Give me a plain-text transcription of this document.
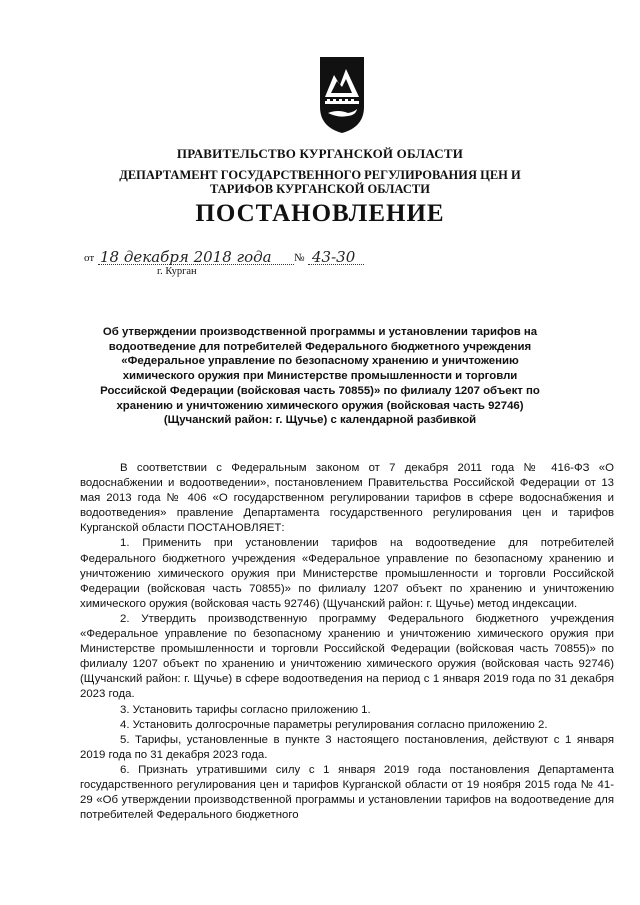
ПРАВИТЕЛЬСТВО КУРГАНСКОЙ ОБЛАСТИ
ДЕПАРТАМЕНТ ГОСУДАРСТВЕННОГО РЕГУЛИРОВАНИЯ ЦЕН И ТАРИФОВ КУРГАНСКОЙ ОБЛАСТИ
ПОСТАНОВЛЕНИЕ
от 18 декабря 2018 года № 43-30
г. Курган
Об утверждении производственной программы и установлении тарифов на водоотведение для потребителей Федерального бюджетного учреждения «Федеральное управление по безопасному хранению и уничтожению химического оружия при Министерстве промышленности и торговли Российской Федерации (войсковая часть 70855)» по филиалу 1207 объект по хранению и уничтожению химического оружия (войсковая часть 92746) (Щучанский район: г. Щучье) с календарной разбивкой

В соответствии с Федеральным законом от 7 декабря 2011 года № 416-ФЗ «О водоснабжении и водоотведении», постановлением Правительства Российской Федерации от 13 мая 2013 года № 406 «О государственном регулировании тарифов в сфере водоснабжения и водоотведения» правление Департамента государственного регулирования цен и тарифов Курганской области ПОСТАНОВЛЯЕТ:

1. Применить при установлении тарифов на водоотведение для потребителей Федерального бюджетного учреждения «Федеральное управление по безопасному хранению и уничтожению химического оружия при Министерстве промышленности и торговли Российской Федерации (войсковая часть 70855)» по филиалу 1207 объект по хранению и уничтожению химического оружия (войсковая часть 92746) (Щучанский район: г. Щучье) метод индексации.

2. Утвердить производственную программу Федерального бюджетного учреждения «Федеральное управление по безопасному хранению и уничтожению химического оружия при Министерстве промышленности и торговли Российской Федерации (войсковая часть 70855)» по филиалу 1207 объект по хранению и уничтожению химического оружия (войсковая часть 92746) (Щучанский район: г. Щучье) в сфере водоотведения на период с 1 января 2019 года по 31 декабря 2023 года.

3. Установить тарифы согласно приложению 1.

4. Установить долгосрочные параметры регулирования согласно приложению 2.

5. Тарифы, установленные в пункте 3 настоящего постановления, действуют с 1 января 2019 года по 31 декабря 2023 года.

6. Признать утратившими силу с 1 января 2019 года постановления Департамента государственного регулирования цен и тарифов Курганской области от 19 ноября 2015 года № 41-29 «Об утверждении производственной программы и установлении тарифов на водоотведение для потребителей Федерального бюджетного
